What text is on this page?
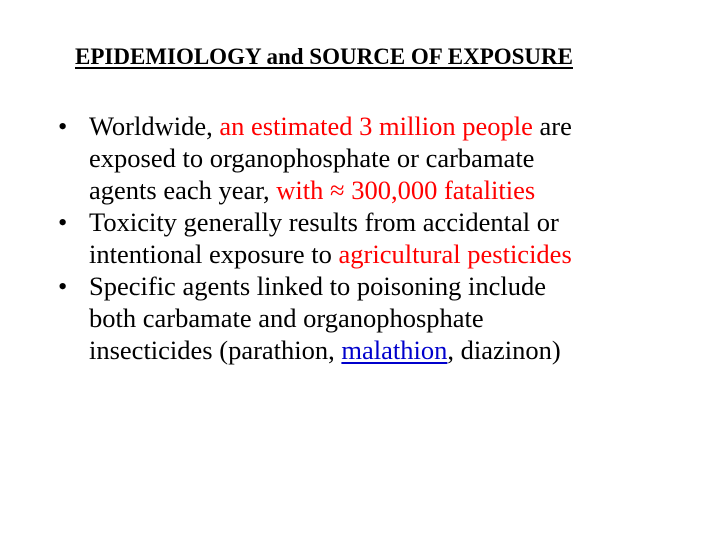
EPIDEMIOLOGY and SOURCE OF EXPOSURE
• Worldwide, an estimated 3 million people are
exposed to organophosphate or carbamate
agents each year, with ≈ 300,000 fatalities
• Toxicity generally results from accidental or
intentional exposure to agricultural pesticides
• Specific agents linked to poisoning include
both carbamate and organophosphate
insecticides (parathion, malathion, diazinon)
